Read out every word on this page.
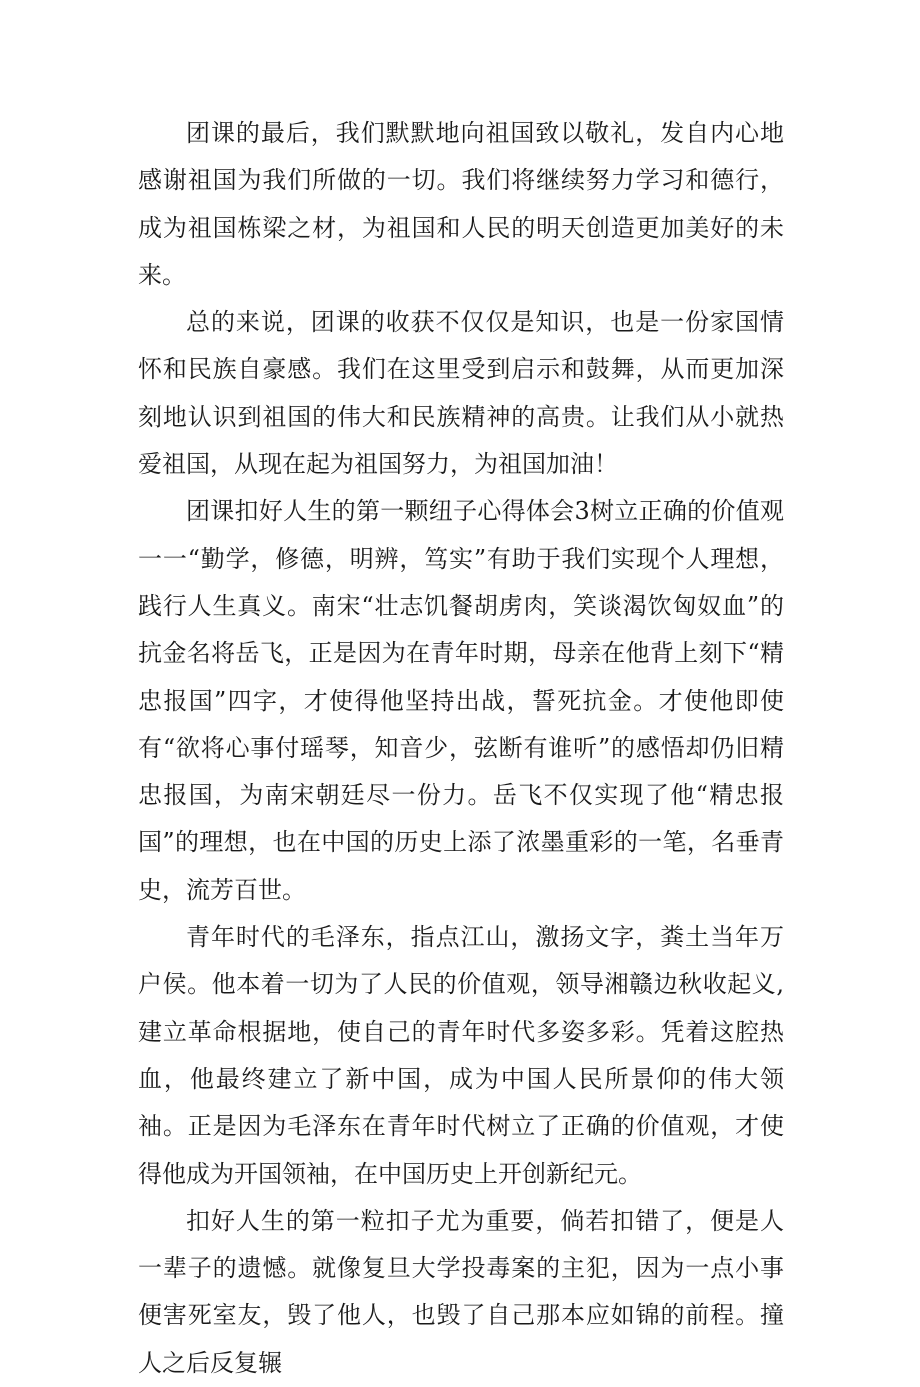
团课的最后，我们默默地向祖国致以敬礼，发自内心地感谢祖国为我们所做的一切。我们将继续努力学习和德行，成为祖国栋梁之材，为祖国和人民的明天创造更加美好的未来。

总的来说，团课的收获不仅仅是知识，也是一份家国情怀和民族自豪感。我们在这里受到启示和鼓舞，从而更加深刻地认识到祖国的伟大和民族精神的高贵。让我们从小就热爱祖国，从现在起为祖国努力，为祖国加油！

团课扣好人生的第一颗纽子心得体会3树立正确的价值观一一“勤学，修德，明辨，笃实”有助于我们实现个人理想，践行人生真义。南宋“壮志饥餐胡虏肉，笑谈渴饮匈奴血”的抗金名将岳飞，正是因为在青年时期，母亲在他背上刻下“精忠报国”四字，才使得他坚持出战，誓死抗金。才使他即使有“欲将心事付瑶琴，知音少，弦断有谁听”的感悟却仍旧精忠报国，为南宋朝廷尽一份力。岳飞不仅实现了他“精忠报国”的理想，也在中国的历史上添了浓墨重彩的一笔，名垂青史，流芳百世。

青年时代的毛泽东，指点江山，激扬文字，粪土当年万户侯。他本着一切为了人民的价值观，领导湘赣边秋收起义,建立革命根据地，使自己的青年时代多姿多彩。凭着这腔热血，他最终建立了新中国，成为中国人民所景仰的伟大领袖。正是因为毛泽东在青年时代树立了正确的价值观，才使得他成为开国领袖，在中国历史上开创新纪元。

扣好人生的第一粒扣子尤为重要，倘若扣错了，便是人一辈子的遗憾。就像复旦大学投毒案的主犯，因为一点小事便害死室友，毁了他人，也毁了自己那本应如锦的前程。撞人之后反复辗
